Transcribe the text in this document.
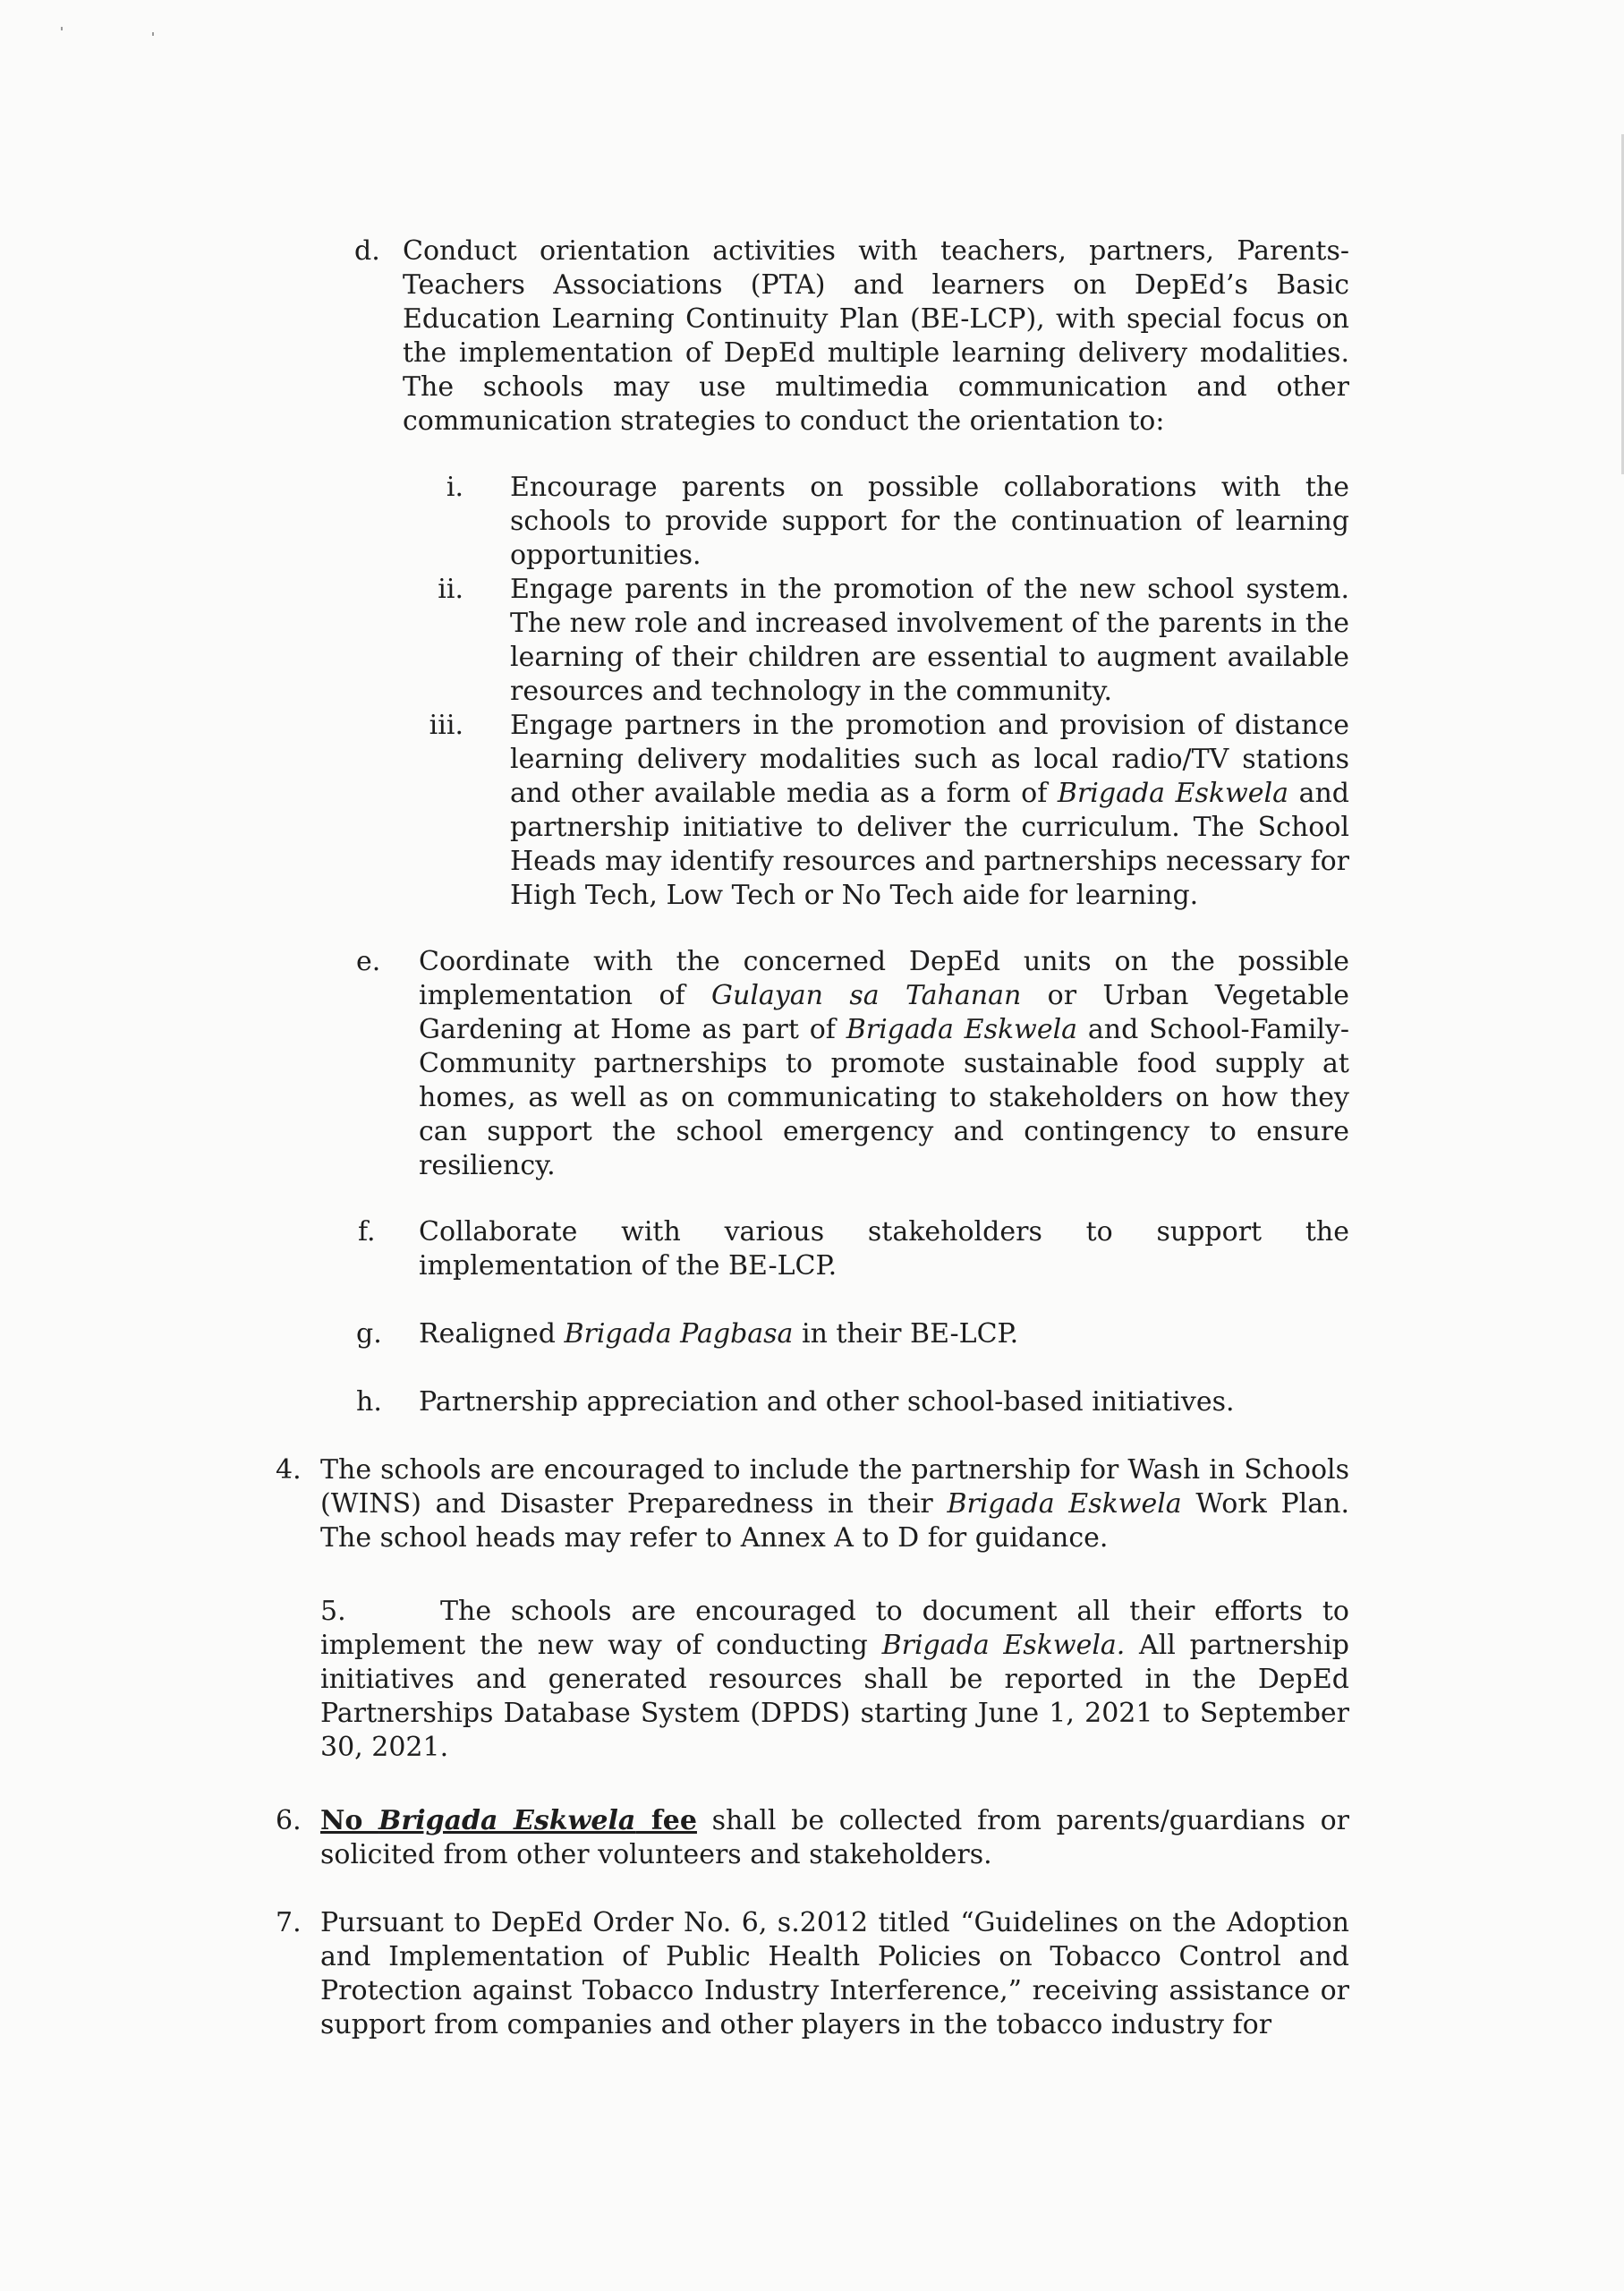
d. Conduct orientation activities with teachers, partners, Parents-Teachers Associations (PTA) and learners on DepEd’s Basic Education Learning Continuity Plan (BE-LCP), with special focus on the implementation of DepEd multiple learning delivery modalities. The schools may use multimedia communication and other communication strategies to conduct the orientation to:
i. Encourage parents on possible collaborations with the schools to provide support for the continuation of learning opportunities.
ii. Engage parents in the promotion of the new school system. The new role and increased involvement of the parents in the learning of their children are essential to augment available resources and technology in the community.
iii. Engage partners in the promotion and provision of distance learning delivery modalities such as local radio/TV stations and other available media as a form of Brigada Eskwela and partnership initiative to deliver the curriculum. The School Heads may identify resources and partnerships necessary for High Tech, Low Tech or No Tech aide for learning.
e. Coordinate with the concerned DepEd units on the possible implementation of Gulayan sa Tahanan or Urban Vegetable Gardening at Home as part of Brigada Eskwela and School-Family-Community partnerships to promote sustainable food supply at homes, as well as on communicating to stakeholders on how they can support the school emergency and contingency to ensure resiliency.
f. Collaborate with various stakeholders to support the implementation of the BE-LCP.
g. Realigned Brigada Pagbasa in their BE-LCP.
h. Partnership appreciation and other school-based initiatives.
4. The schools are encouraged to include the partnership for Wash in Schools (WINS) and Disaster Preparedness in their Brigada Eskwela Work Plan. The school heads may refer to Annex A to D for guidance.
5.	The schools are encouraged to document all their efforts to implement the new way of conducting Brigada Eskwela. All partnership initiatives and generated resources shall be reported in the DepEd Partnerships Database System (DPDS) starting June 1, 2021 to September 30, 2021.
6. No Brigada Eskwela fee shall be collected from parents/guardians or solicited from other volunteers and stakeholders.
7. Pursuant to DepEd Order No. 6, s.2012 titled “Guidelines on the Adoption and Implementation of Public Health Policies on Tobacco Control and Protection against Tobacco Industry Interference,” receiving assistance or support from companies and other players in the tobacco industry for
